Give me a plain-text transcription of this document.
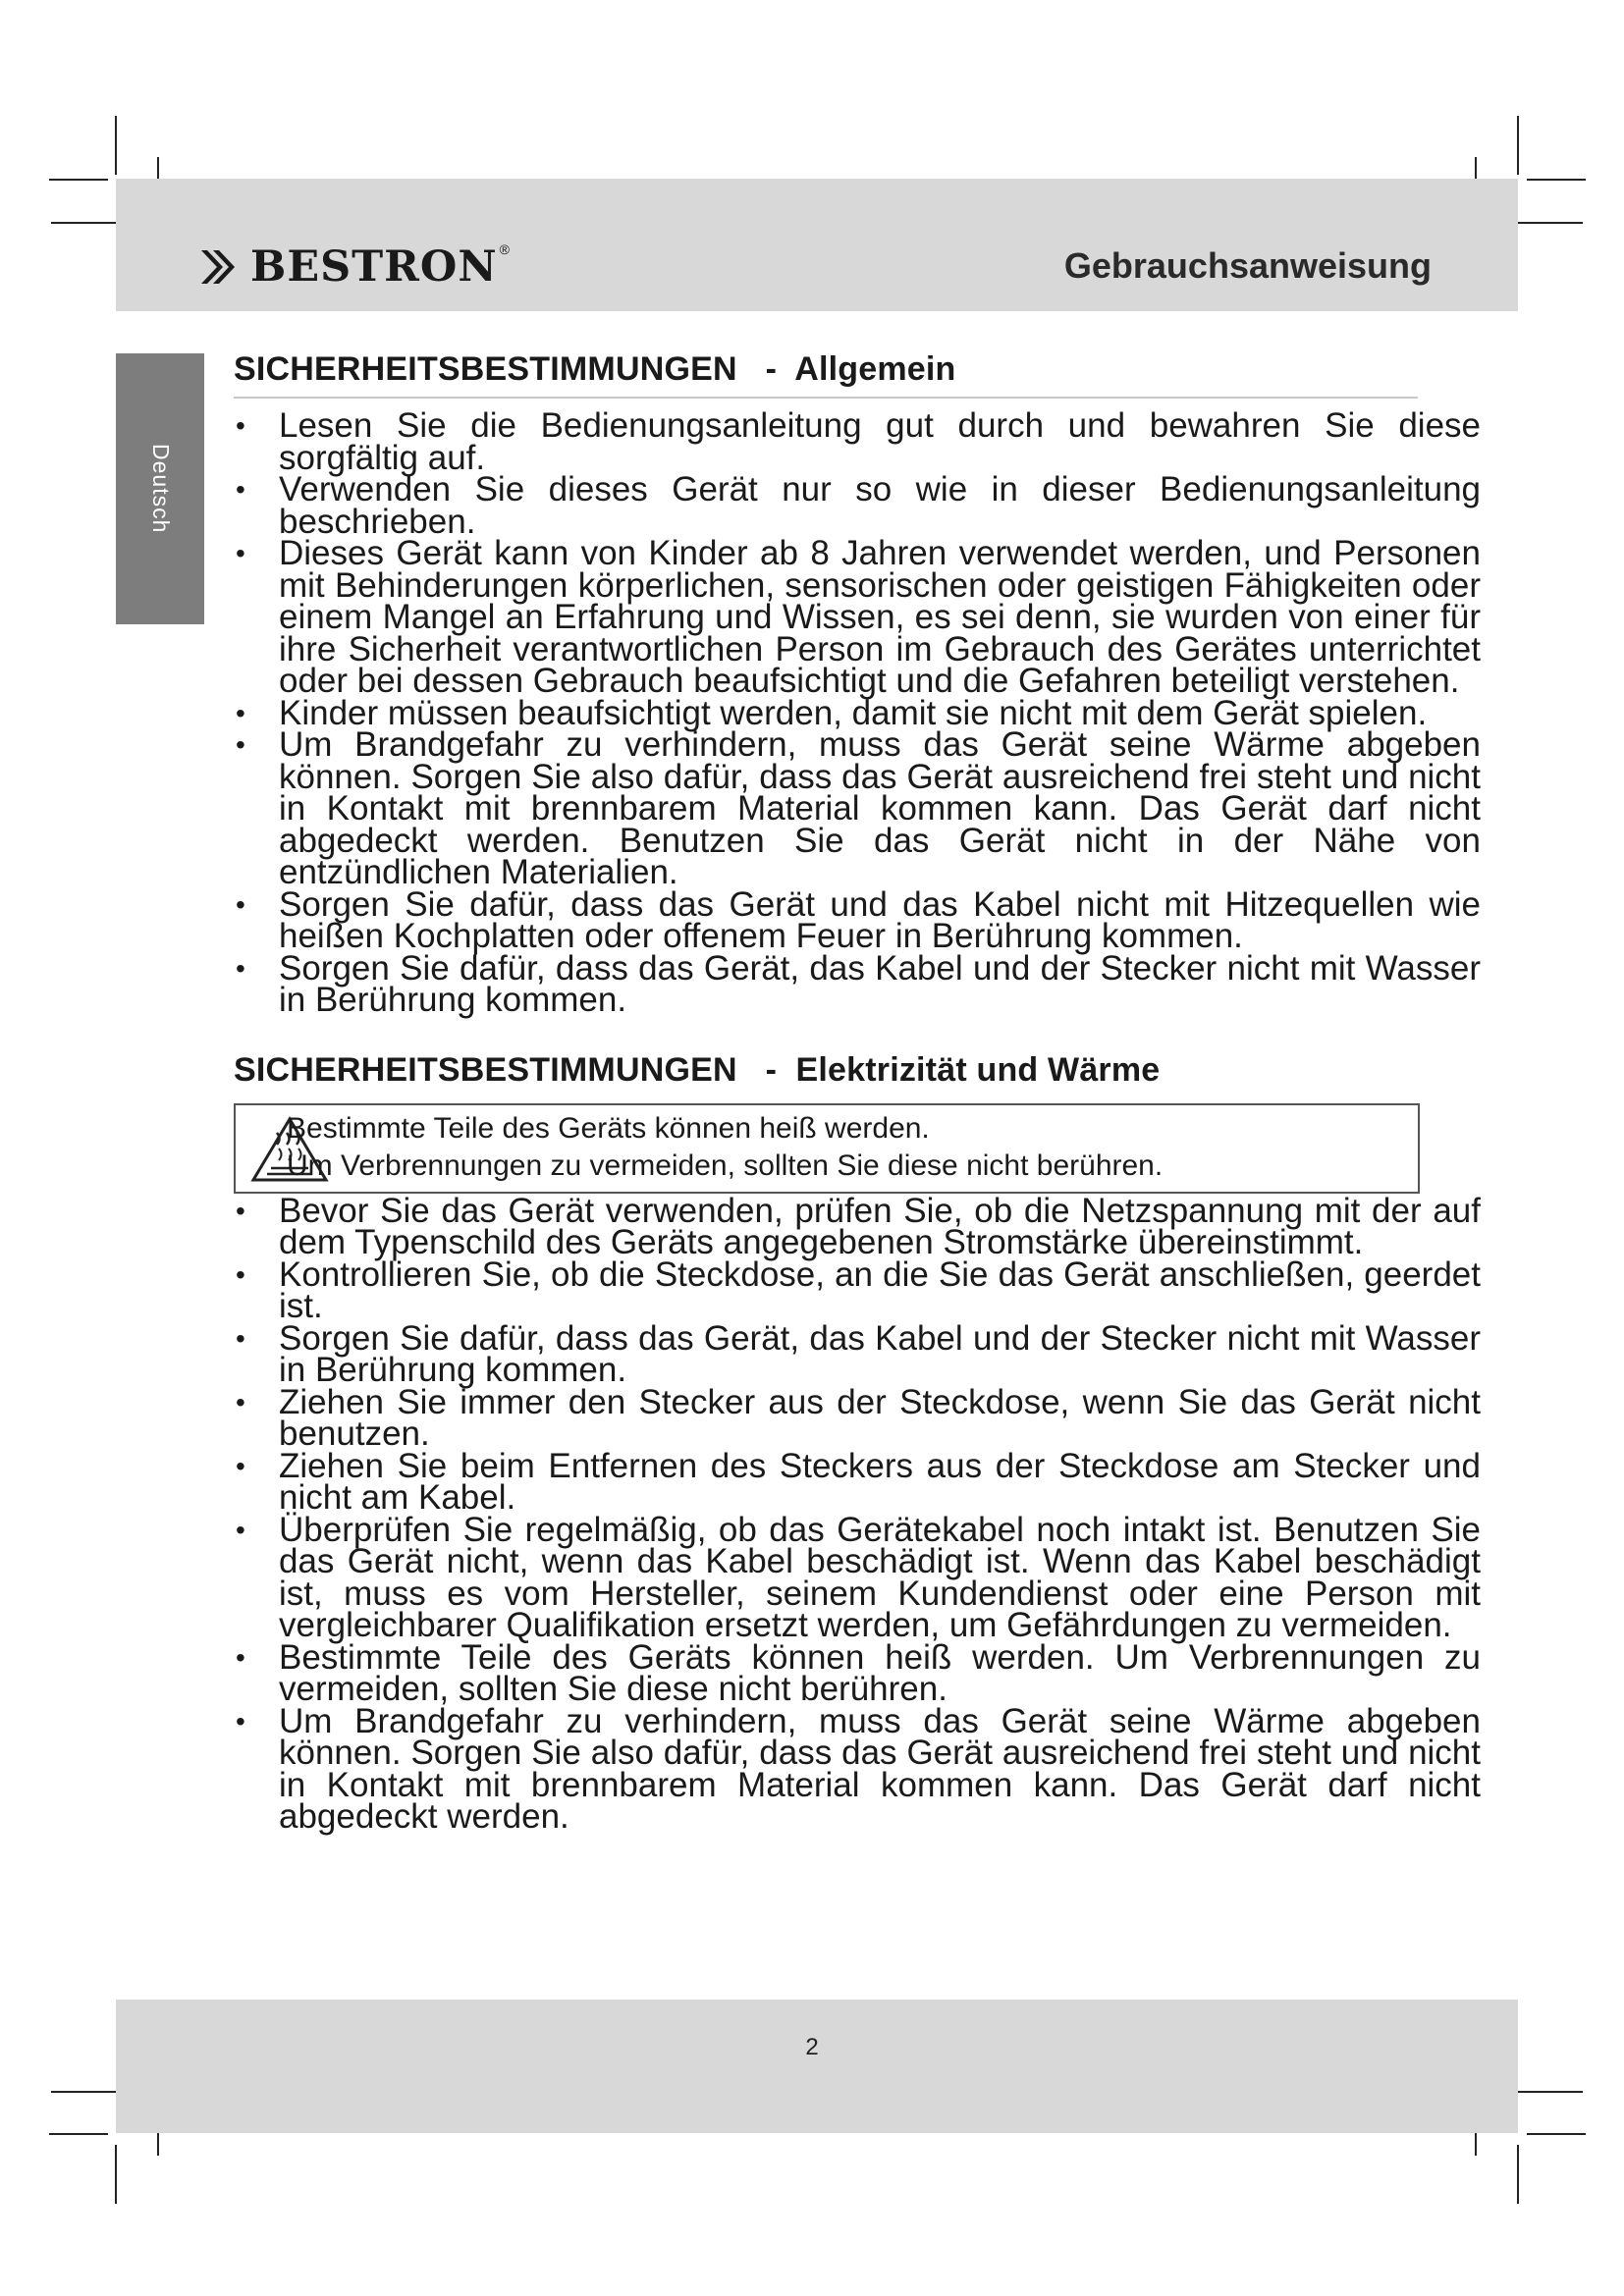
BESTRON ®	Gebrauchsanweisung
Deutsch
SICHERHEITSBESTIMMUNGEN   -  Allgemein
• Lesen Sie die Bedienungsanleitung gut durch und bewahren Sie diese sorgfältig auf.
• Verwenden Sie dieses Gerät nur so wie in dieser Bedienungsanleitung beschrieben.
• Dieses Gerät kann von Kinder ab 8 Jahren verwendet werden, und Personen mit Behinderungen körperlichen, sensorischen oder geistigen Fähigkeiten oder einem Mangel an Erfahrung und Wissen, es sei denn, sie wurden von einer für ihre Sicherheit verantwortlichen Person im Gebrauch des Gerätes unterrichtet oder bei dessen Gebrauch beaufsichtigt und die Gefahren beteiligt verstehen.
• Kinder müssen beaufsichtigt werden, damit sie nicht mit dem Gerät spielen.
• Um Brandgefahr zu verhindern, muss das Gerät seine Wärme abgeben können. Sorgen Sie also dafür, dass das Gerät ausreichend frei steht und nicht in Kontakt mit brennbarem Material kommen kann. Das Gerät darf nicht abgedeckt werden. Benutzen Sie das Gerät nicht in der Nähe von entzündlichen Materialien.
• Sorgen Sie dafür, dass das Gerät und das Kabel nicht mit Hitzequellen wie heißen Kochplatten oder offenem Feuer in Berührung kommen.
• Sorgen Sie dafür, dass das Gerät, das Kabel und der Stecker nicht mit Wasser in Berührung kommen.
SICHERHEITSBESTIMMUNGEN   -  Elektrizität und Wärme
Bestimmte Teile des Geräts können heiß werden.
Um Verbrennungen zu vermeiden, sollten Sie diese nicht berühren.
• Bevor Sie das Gerät verwenden, prüfen Sie, ob die Netzspannung mit der auf dem Typenschild des Geräts angegebenen Stromstärke übereinstimmt.
• Kontrollieren Sie, ob die Steckdose, an die Sie das Gerät anschließen, geerdet ist.
• Sorgen Sie dafür, dass das Gerät, das Kabel und der Stecker nicht mit Wasser in Berührung kommen.
• Ziehen Sie immer den Stecker aus der Steckdose, wenn Sie das Gerät nicht benutzen.
• Ziehen Sie beim Entfernen des Steckers aus der Steckdose am Stecker und nicht am Kabel.
• Überprüfen Sie regelmäßig, ob das Gerätekabel noch intakt ist. Benutzen Sie das Gerät nicht, wenn das Kabel beschädigt ist. Wenn das Kabel beschädigt ist, muss es vom Hersteller, seinem Kundendienst oder eine Person mit vergleichbarer Qualifikation ersetzt werden, um Gefährdungen zu vermeiden.
• Bestimmte Teile des Geräts können heiß werden. Um Verbrennungen zu vermeiden, sollten Sie diese nicht berühren.
• Um Brandgefahr zu verhindern, muss das Gerät seine Wärme abgeben können. Sorgen Sie also dafür, dass das Gerät ausreichend frei steht und nicht in Kontakt mit brennbarem Material kommen kann. Das Gerät darf nicht abgedeckt werden.
2
